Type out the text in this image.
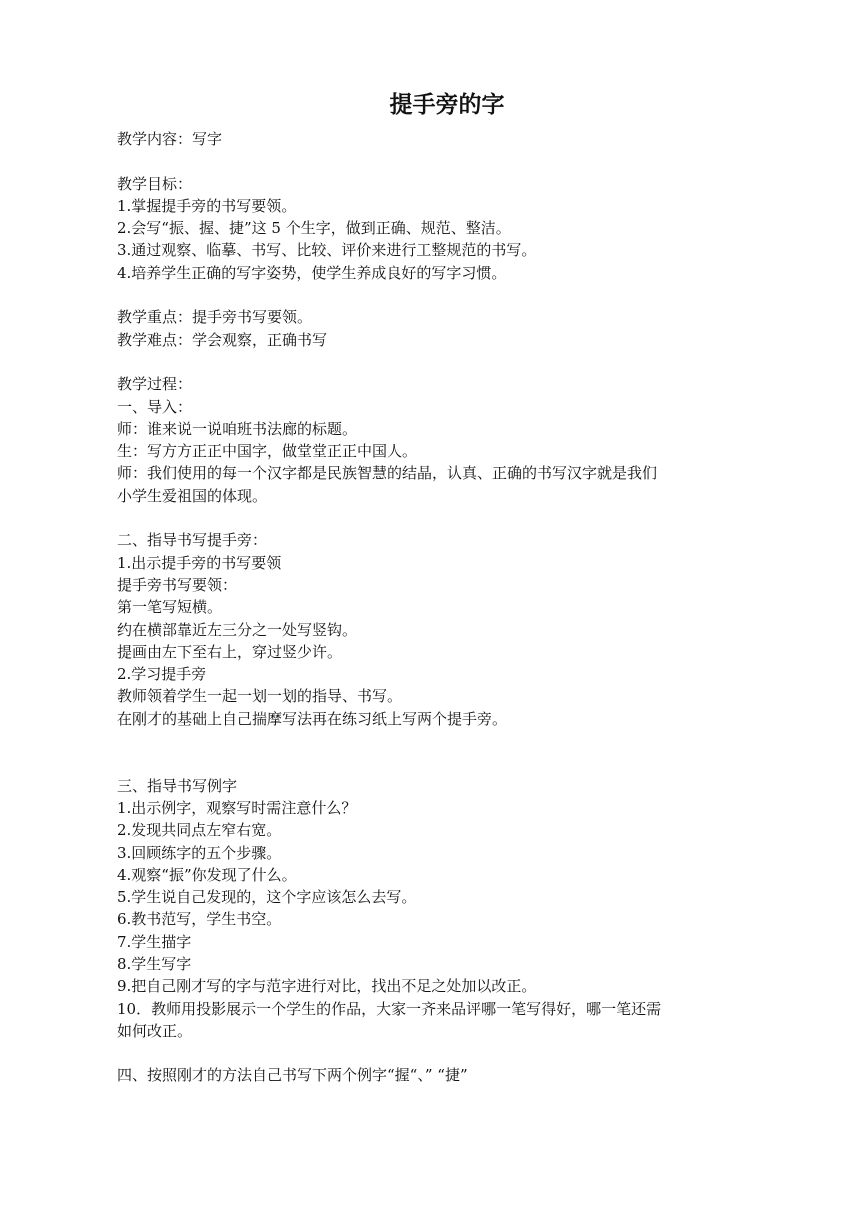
提手旁的字
教学内容：写字
教学目标：
1.掌握提手旁的书写要领。
2.会写“振、握、捷”这 5 个生字，做到正确、规范、整洁。
3.通过观察、临摹、书写、比较、评价来进行工整规范的书写。
4.培养学生正确的写字姿势，使学生养成良好的写字习惯。
教学重点：提手旁书写要领。
教学难点：学会观察，正确书写
教学过程：
一、导入：
师：谁来说一说咱班书法廊的标题。
生：写方方正正中国字，做堂堂正正中国人。
师：我们使用的每一个汉字都是民族智慧的结晶，认真、正确的书写汉字就是我们
小学生爱祖国的体现。
二、指导书写提手旁：
1.出示提手旁的书写要领
提手旁书写要领：
第一笔写短横。
约在横部靠近左三分之一处写竖钩。
提画由左下至右上，穿过竖少许。
2.学习提手旁
教师领着学生一起一划一划的指导、书写。
在刚才的基础上自己揣摩写法再在练习纸上写两个提手旁。
三、指导书写例字
1.出示例字，观察写时需注意什么？
2.发现共同点左窄右宽。
3.回顾练字的五个步骤。
4.观察“振”你发现了什么。
5.学生说自己发现的，这个字应该怎么去写。
6.教书范写，学生书空。
7.学生描字
8.学生写字
9.把自己刚才写的字与范字进行对比，找出不足之处加以改正。
10．教师用投影展示一个学生的作品，大家一齐来品评哪一笔写得好，哪一笔还需
如何改正。
四、按照刚才的方法自己书写下两个例字“握“、” “捷”
